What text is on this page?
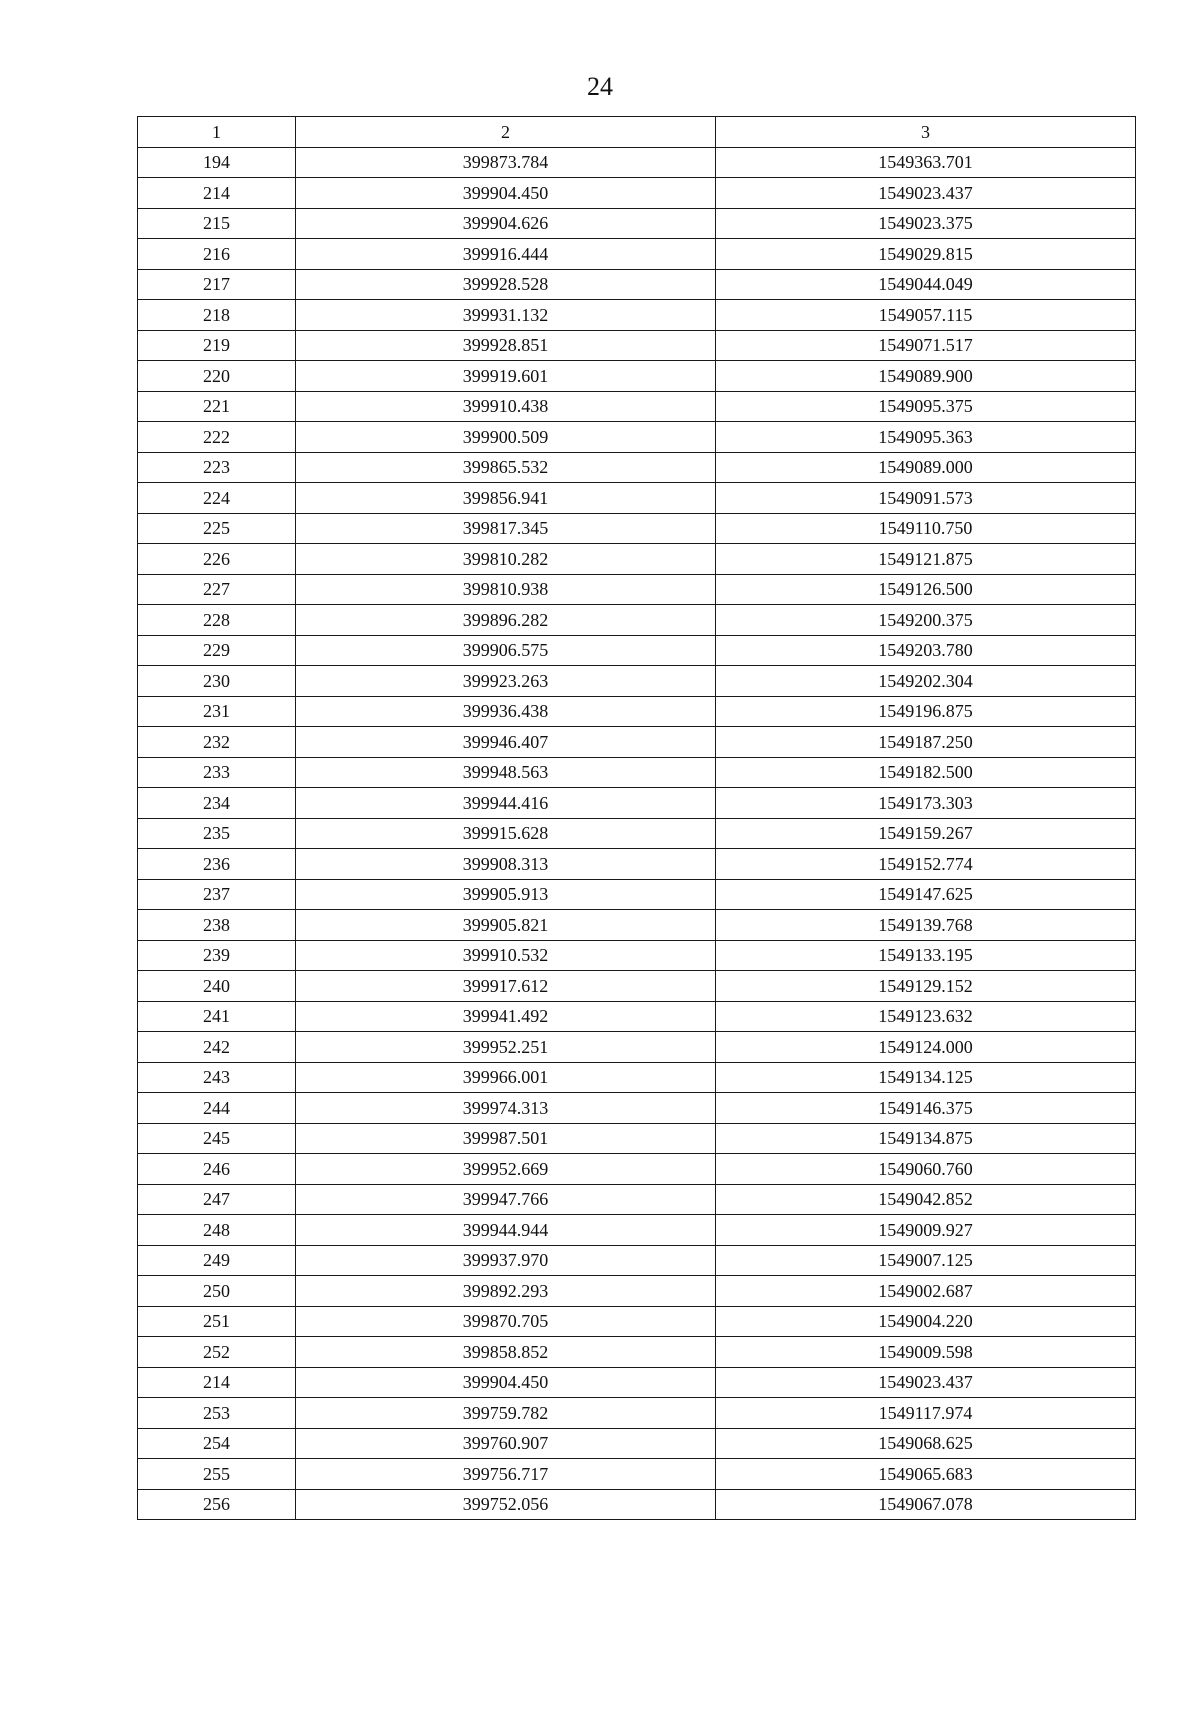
24
1	2	3
194	399873.784	1549363.701
214	399904.450	1549023.437
215	399904.626	1549023.375
216	399916.444	1549029.815
217	399928.528	1549044.049
218	399931.132	1549057.115
219	399928.851	1549071.517
220	399919.601	1549089.900
221	399910.438	1549095.375
222	399900.509	1549095.363
223	399865.532	1549089.000
224	399856.941	1549091.573
225	399817.345	1549110.750
226	399810.282	1549121.875
227	399810.938	1549126.500
228	399896.282	1549200.375
229	399906.575	1549203.780
230	399923.263	1549202.304
231	399936.438	1549196.875
232	399946.407	1549187.250
233	399948.563	1549182.500
234	399944.416	1549173.303
235	399915.628	1549159.267
236	399908.313	1549152.774
237	399905.913	1549147.625
238	399905.821	1549139.768
239	399910.532	1549133.195
240	399917.612	1549129.152
241	399941.492	1549123.632
242	399952.251	1549124.000
243	399966.001	1549134.125
244	399974.313	1549146.375
245	399987.501	1549134.875
246	399952.669	1549060.760
247	399947.766	1549042.852
248	399944.944	1549009.927
249	399937.970	1549007.125
250	399892.293	1549002.687
251	399870.705	1549004.220
252	399858.852	1549009.598
214	399904.450	1549023.437
253	399759.782	1549117.974
254	399760.907	1549068.625
255	399756.717	1549065.683
256	399752.056	1549067.078
